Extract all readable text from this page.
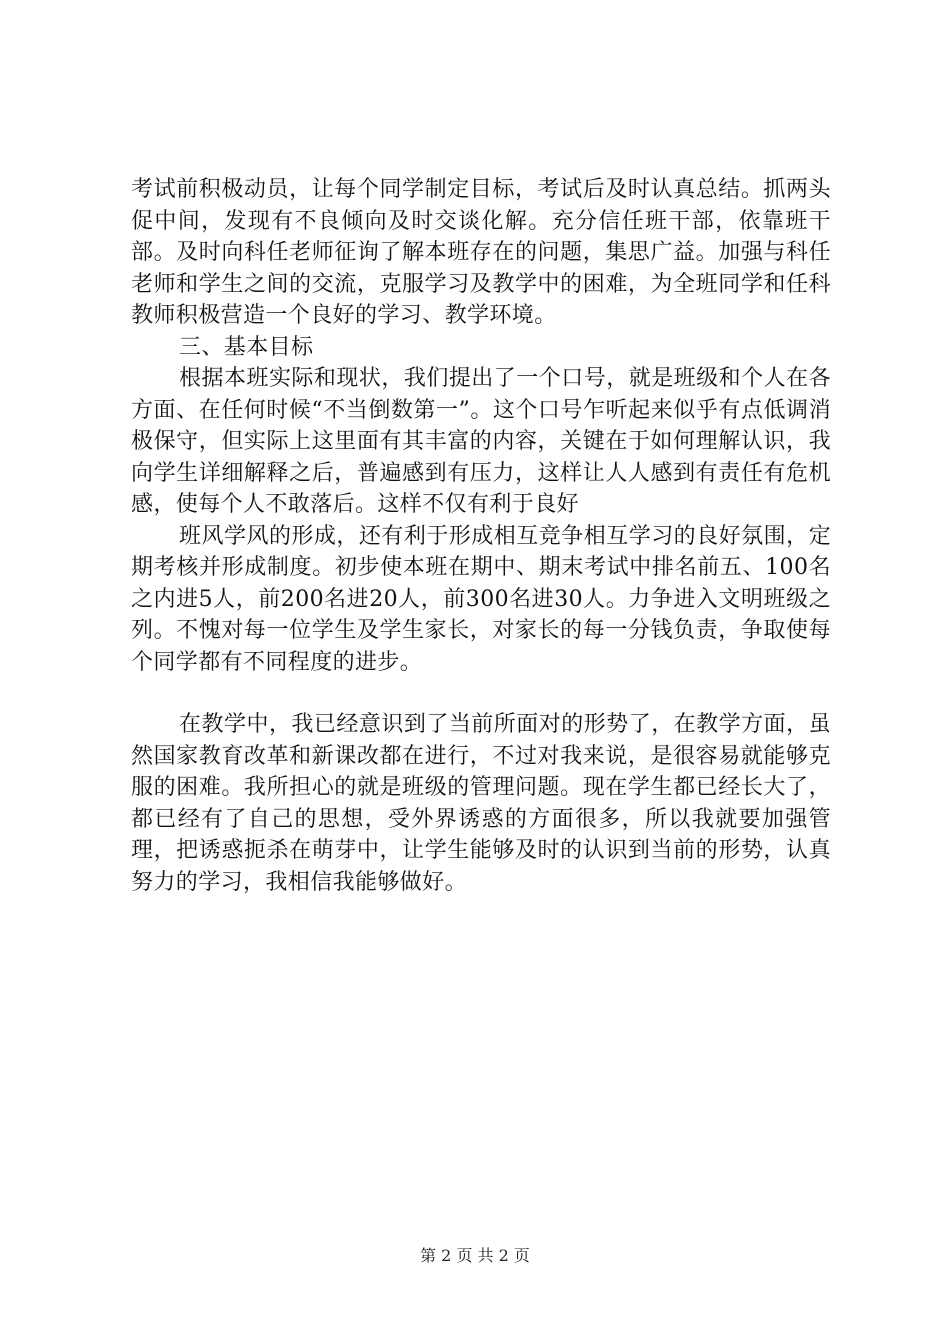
考试前积极动员，让每个同学制定目标，考试后及时认真总结。抓两头促中间，发现有不良倾向及时交谈化解。充分信任班干部，依靠班干部。及时向科任老师征询了解本班存在的问题，集思广益。加强与科任老师和学生之间的交流，克服学习及教学中的困难，为全班同学和任科教师积极营造一个良好的学习、教学环境。

三、基本目标

根据本班实际和现状，我们提出了一个口号，就是班级和个人在各方面、在任何时候“不当倒数第一”。这个口号乍听起来似乎有点低调消极保守，但实际上这里面有其丰富的内容，关键在于如何理解认识，我向学生详细解释之后，普遍感到有压力，这样让人人感到有责任有危机感，使每个人不敢落后。这样不仅有利于良好

班风学风的形成，还有利于形成相互竞争相互学习的良好氛围，定期考核并形成制度。初步使本班在期中、期末考试中排名前五、100名之内进5人，前200名进20人，前300名进30人。力争进入文明班级之列。不愧对每一位学生及学生家长，对家长的每一分钱负责，争取使每个同学都有不同程度的进步。

在教学中，我已经意识到了当前所面对的形势了，在教学方面，虽然国家教育改革和新课改都在进行，不过对我来说，是很容易就能够克服的困难。我所担心的就是班级的管理问题。现在学生都已经长大了，都已经有了自己的思想，受外界诱惑的方面很多，所以我就要加强管理，把诱惑扼杀在萌芽中，让学生能够及时的认识到当前的形势，认真努力的学习，我相信我能够做好。

第 2 页 共 2 页
